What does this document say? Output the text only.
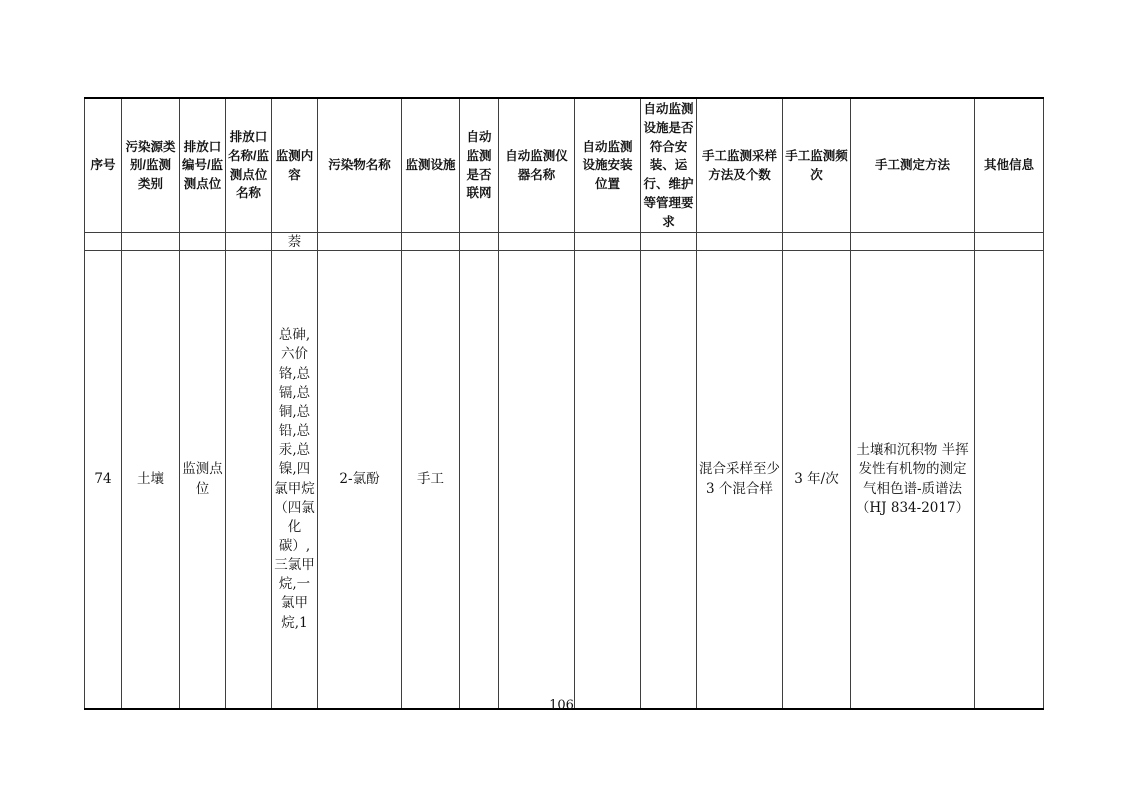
序号	污染源类别/监测类别	排放口编号/监测点位	排放口名称/监测点位名称	监测内容	污染物名称	监测设施	自动监测是否联网	自动监测仪器名称	自动监测设施安装位置	自动监测设施是否符合安装、运行、维护等管理要求	手工监测采样方法及个数	手工监测频次	手工测定方法	其他信息
				萘										
74	土壤	监测点位		总砷,六价铬,总镉,总铜,总铅,总汞,总镍,四氯甲烷（四氯化碳）,三氯甲烷,一氯甲烷,1	2-氯酚	手工					混合采样至少 3 个混合样	3 年/次	土壤和沉积物 半挥发性有机物的测定 气相色谱-质谱法（HJ 834-2017）	
106
